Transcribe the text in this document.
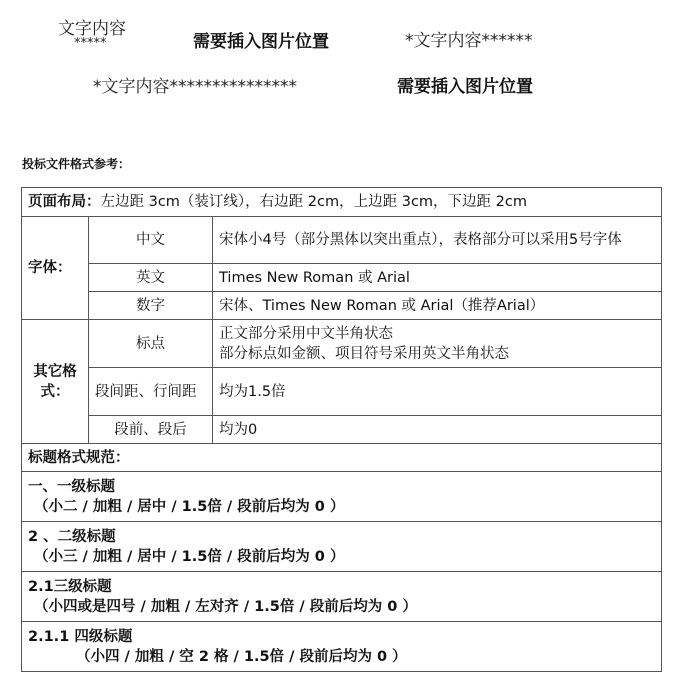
文字内容
*****	需要插入图片位置	*文字内容******
*文字内容***************	需要插入图片位置
投标文件格式参考：
页面布局：左边距 3cm（装订线），右边距 2cm，上边距 3cm，下边距 2cm		
字体：	中文	宋体小4号（部分黑体以突出重点），表格部分可以采用5号字体
	英文	Times New Roman 或 Arial
	数字	宋体、Times New Roman 或 Arial（推荐Arial）
其它格式：	标点	正文部分采用中文半角状态
部分标点如金额、项目符号采用英文半角状态

	段间距、行间距	均为1.5倍
	段前、段后	均为0
标题格式规范：		

一、一级标题
（小二 / 加粗 / 居中 / 1.5倍 / 段前后均为 0 ）		

2 、二级标题
（小三 / 加粗 / 居中 / 1.5倍 / 段前后均为 0 ）		

2.1三级标题
（小四或是四号 / 加粗 / 左对齐 / 1.5倍 / 段前后均为 0 ）		

2.1.1 四级标题
（小四 / 加粗 / 空 2 格 / 1.5倍 / 段前后均为 0 ）		
